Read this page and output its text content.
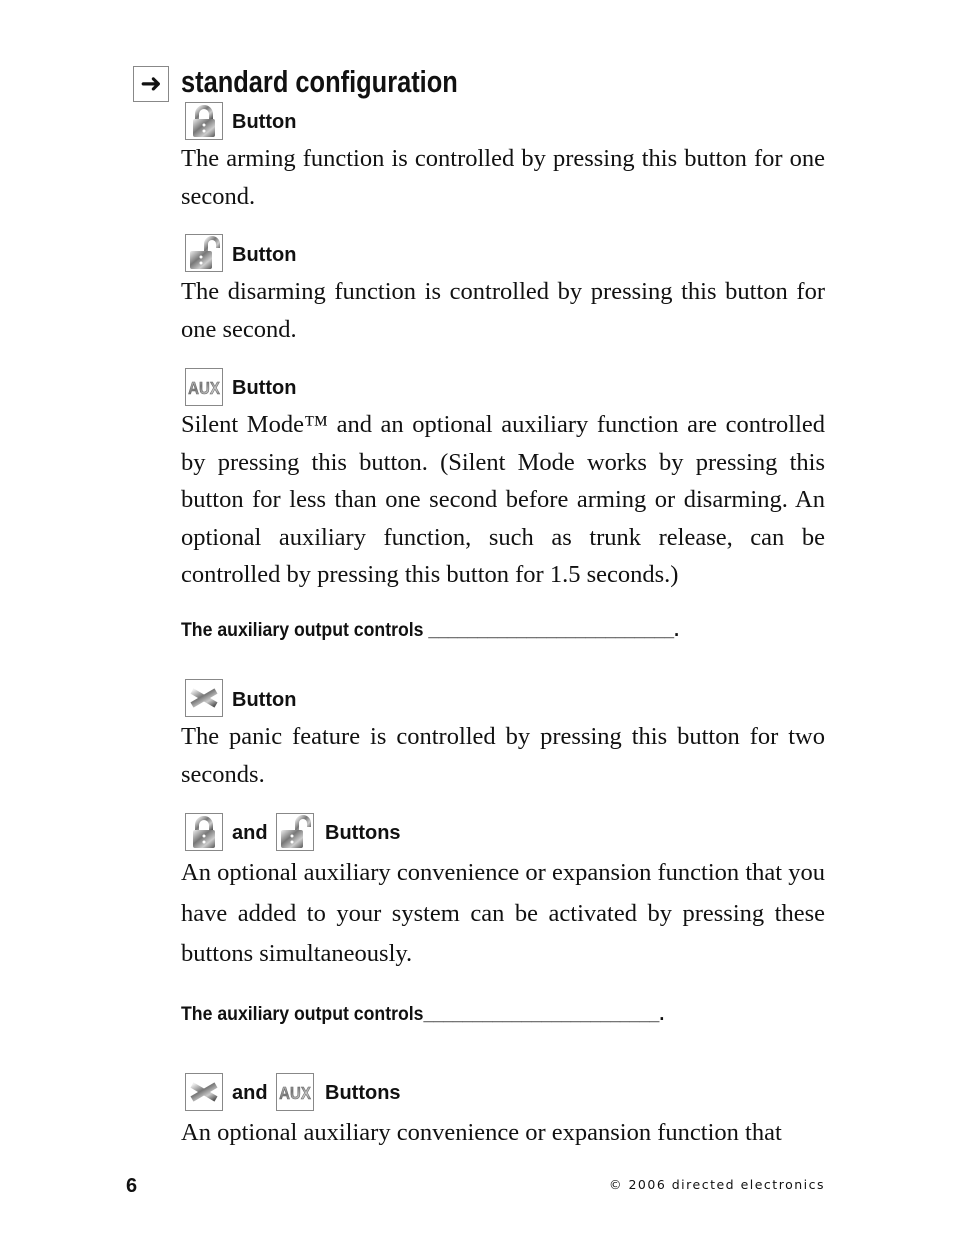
➜ standard configuration
Button
The arming function is controlled by pressing this button for one second.
Button
The disarming function is controlled by pressing this button for one second.
AUX Button
Silent Mode™ and an optional auxiliary function are controlled by pressing this button. (Silent Mode works by pressing this button for less than one second before arming or disarming. An optional auxiliary function, such as trunk release, can be controlled by pressing this button for 1.5 seconds.)
The auxiliary output controls _________________________.
Button
The panic feature is controlled by pressing this button for two seconds.
and	Buttons
An optional auxiliary convenience or expansion function that you have added to your system can be activated by pressing these buttons simultaneously.
The auxiliary output controls________________________.
and AUX Buttons
An optional auxiliary convenience or expansion function that
6	© 2006 directed electronics
